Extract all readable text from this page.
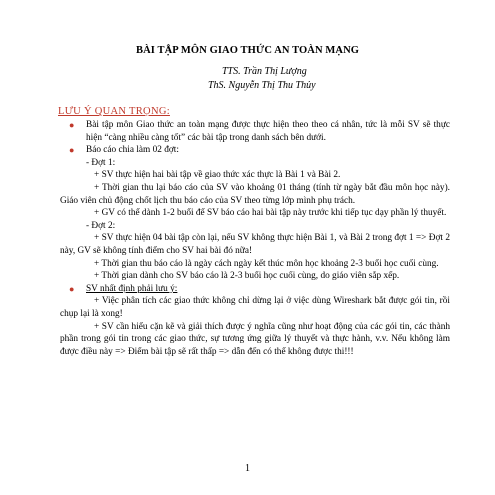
BÀI TẬP MÔN GIAO THỨC AN TOÀN MẠNG
TTS. Trần Thị Lượng
ThS. Nguyễn Thị Thu Thủy
LƯU Ý QUAN TRỌNG:
● Bài tập môn Giao thức an toàn mạng được thực hiện theo theo cá nhân, tức là mỗi SV sẽ thực hiện “càng nhiều càng tốt” các bài tập trong danh sách bên dưới.
● Báo cáo chia làm 02 đợt:
- Đợt 1:
+ SV thực hiện hai bài tập về giao thức xác thực là Bài 1 và Bài 2.
+ Thời gian thu lại báo cáo của SV vào khoảng 01 tháng (tính từ ngày bắt đầu môn học này). Giáo viên chủ động chốt lịch thu báo cáo của SV theo từng lớp mình phụ trách.
+ GV có thể dành 1-2 buổi để SV báo cáo hai bài tập này trước khi tiếp tục dạy phần lý thuyết.
- Đợt 2:
+ SV thực hiện 04 bài tập còn lại, nếu SV không thực hiện Bài 1, và Bài 2 trong đợt 1 => Đợt 2 này, GV sẽ không tính điểm cho SV hai bài đó nữa!
+ Thời gian thu báo cáo là ngày cách ngày kết thúc môn học khoảng 2-3 buổi học cuối cùng.
+ Thời gian dành cho SV báo cáo là 2-3 buổi học cuối cùng, do giáo viên sắp xếp.
● SV nhất định phải lưu ý:
+ Việc phân tích các giao thức không chỉ dừng lại ở việc dùng Wireshark bắt được gói tin, rồi chụp lại là xong!
+ SV cần hiểu cặn kẽ và giải thích được ý nghĩa cũng như hoạt động của các gói tin, các thành phần trong gói tin trong các giao thức, sự tương ứng giữa lý thuyết và thực hành, v.v. Nếu không làm được điều này => Điểm bài tập sẽ rất thấp => dẫn đến có thể không được thi!!!
1
